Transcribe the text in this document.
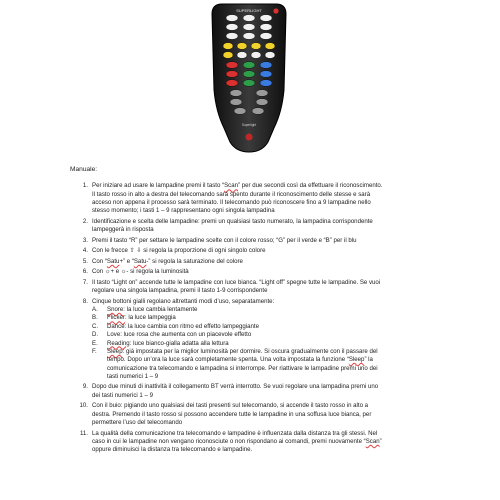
SUPERLIGHT
Superlight
Manuale:
1. Per iniziare ad usare le lampadine premi il tasto “Scan” per due secondi così da effettuare il riconoscimento.
Il tasto rosso in alto a destra del telecomando sarà spento durante il riconoscimento delle stesse e sarà
acceso non appena il processo sarà terminato. Il telecomando può riconoscere fino a 9 lampadine nello
stesso momento; i tasti 1 – 9 rappresentano ogni singola lampadina
2. Identificazione e scelta delle lampadine: premi un qualsiasi tasto numerato, la lampadina corrispondente
lampeggerà in risposta
3. Premi il tasto “R” per settare le lampadine scelte con il colore rosso; “G” per il verde e “B” per il blu
4. Con le frecce ⇧ ⇩ si regola la proporzione di ogni singolo colore
5. Con “Satu+” e “Satu-” si regola la saturazione del colore
6. Con ☼+ e ☼- si regola la luminosità
7. Il tasto “Light on” accende tutte le lampadine con luce bianca. “Light off” spegne tutte le lampadine. Se vuoi
regolare una singola lampadina, premi il tasto 1-9 corrispondente
8. Cinque bottoni gialli regolano altrettanti modi d’uso, separatamente:
A.	Snore: la luce cambia lentamente
B.	Flicker: la luce lampeggia
C.	Dance: la luce cambia con ritmo ed effetto lampeggiante
D.	Love: luce rosa che aumenta con un piacevole effetto
E.	Reading: luce bianco-gialla adatta alla lettura
F.	Sleep: già impostata per la miglior luminosità per dormire. Si oscura gradualmente con il passare del
tempo. Dopo un’ora la luce sarà completamente spenta. Una volta impostata la funzione “Sleep” la
comunicazione tra telecomando e lampadina si interrompe. Per riattivare le lampadine premi uno dei
tasti numerici 1 – 9
9. Dopo due minuti di inattività il collegamento BT verrà interrotto. Se vuoi regolare una lampadina premi uno
dei tasti numerici 1 – 9
10. Con il buio: pigiando uno qualsiasi dei tasti presenti sul telecomando, si accende il tasto rosso in alto a
destra. Premendo il tasto rosso si possono accendere tutte le lampadine in una soffusa luce bianca, per
permettere l’uso del telecomando
11. La qualità della comunicazione tra telecomando e lampadine è influenzata dalla distanza tra gli stessi. Nel
caso in cui le lampadine non vengano riconosciute o non rispondano ai comandi, premi nuovamente “Scan”
oppure diminuisci la distanza tra telecomando e lampadine.
